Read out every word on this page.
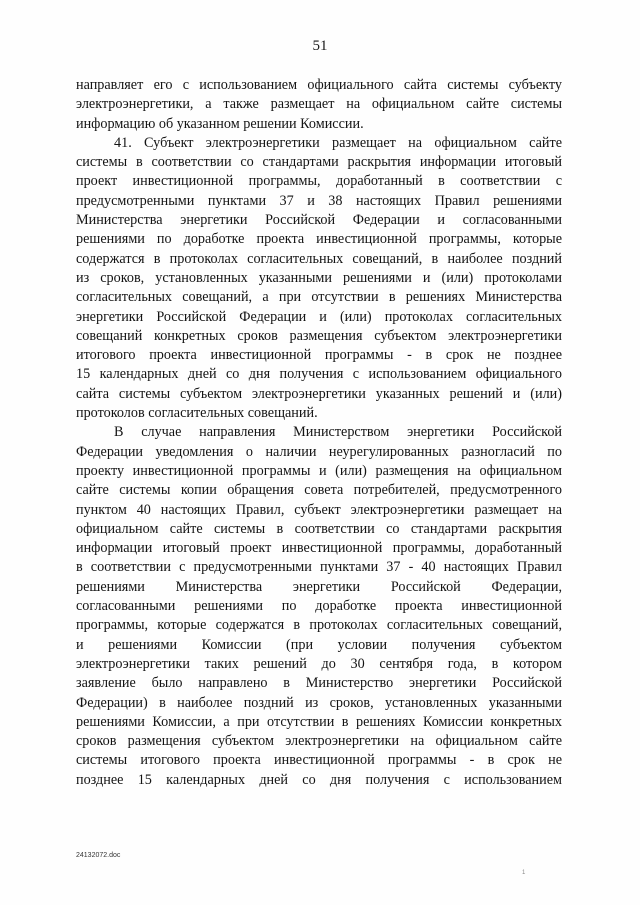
51

направляет его с использованием официального сайта системы субъекту
электроэнергетики, а также размещает на официальном сайте системы
информацию об указанном решении Комиссии.

41. Субъект электроэнергетики размещает на официальном сайте
системы в соответствии со стандартами раскрытия информации итоговый
проект инвестиционной программы, доработанный в соответствии с
предусмотренными пунктами 37 и 38 настоящих Правил решениями
Министерства энергетики Российской Федерации и согласованными
решениями по доработке проекта инвестиционной программы, которые
содержатся в протоколах согласительных совещаний, в наиболее поздний
из сроков, установленных указанными решениями и (или) протоколами
согласительных совещаний, а при отсутствии в решениях Министерства
энергетики Российской Федерации и (или) протоколах согласительных
совещаний конкретных сроков размещения субъектом электроэнергетики
итогового проекта инвестиционной программы - в срок не позднее
15 календарных дней со дня получения с использованием официального
сайта системы субъектом электроэнергетики указанных решений и (или)
протоколов согласительных совещаний.

В случае направления Министерством энергетики Российской
Федерации уведомления о наличии неурегулированных разногласий по
проекту инвестиционной программы и (или) размещения на официальном
сайте системы копии обращения совета потребителей, предусмотренного
пунктом 40 настоящих Правил, субъект электроэнергетики размещает на
официальном сайте системы в соответствии со стандартами раскрытия
информации итоговый проект инвестиционной программы, доработанный
в соответствии с предусмотренными пунктами 37 - 40 настоящих Правил
решениями Министерства энергетики Российской Федерации,
согласованными решениями по доработке проекта инвестиционной
программы, которые содержатся в протоколах согласительных совещаний,
и решениями Комиссии (при условии получения субъектом
электроэнергетики таких решений до 30 сентября года, в котором
заявление было направлено в Министерство энергетики Российской
Федерации) в наиболее поздний из сроков, установленных указанными
решениями Комиссии, а при отсутствии в решениях Комиссии конкретных
сроков размещения субъектом электроэнергетики на официальном сайте
системы итогового проекта инвестиционной программы - в срок не
позднее 15 календарных дней со дня получения с использованием

24132072.doc
1
